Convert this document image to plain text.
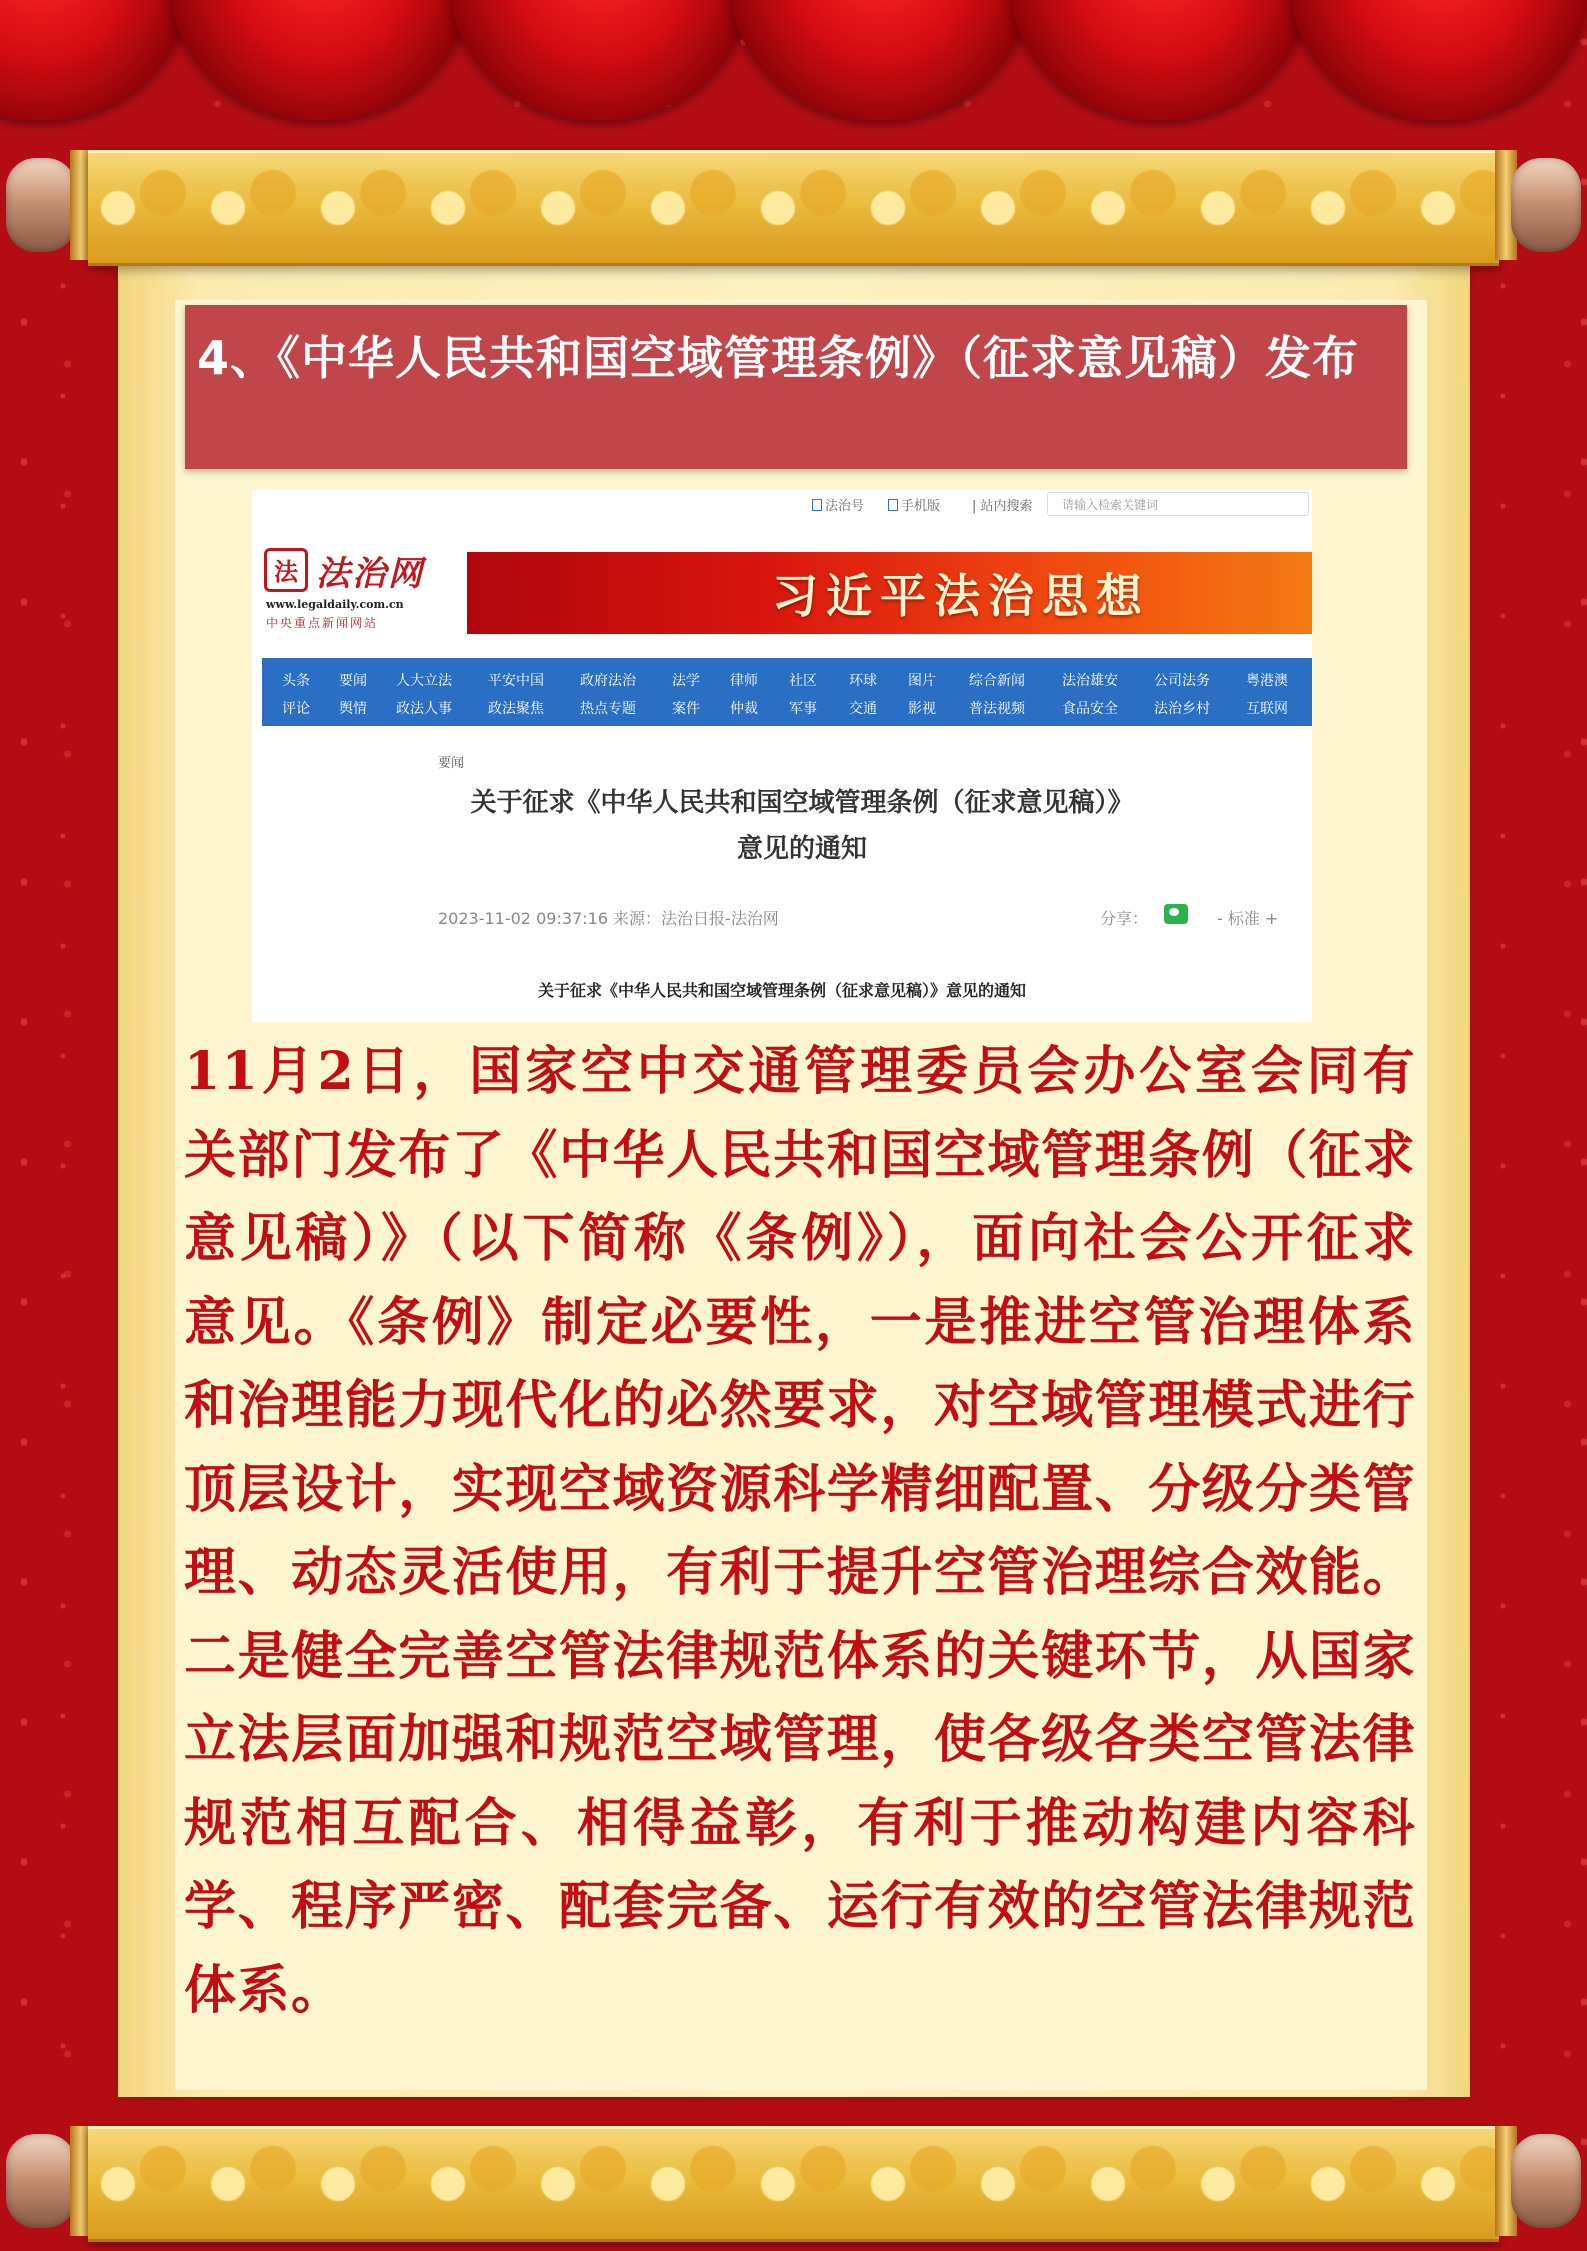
4、《中华人民共和国空域管理条例》（征求意见稿）发布
法治号	手机版 | 站内搜索	请输入检索关键词
法 法治网
www.legaldaily.com.cn
中央重点新闻网站	习近平法治思想
头条 要闻 人大立法	平安中国	政府法治	法学 律师 社区 环球 图片 综合新闻	法治雄安	公司法务	粤港澳
评论 舆情 政法人事	政法聚焦	热点专题	案件 仲裁 军事 交通 影视 普法视频	食品安全	法治乡村	互联网
要闻
关于征求《中华人民共和国空域管理条例（征求意见稿）》
意见的通知
2023-11-02 09:37:16 来源：法治日报-法治网	分享：	- 标准 +
关于征求《中华人民共和国空域管理条例（征求意见稿）》意见的通知
11月2日，国家空中交通管理委员会办公室会同有关部门发布了《中华人民共和国空域管理条例（征求意见稿）》（以下简称《条例》），面向社会公开征求意见。《条例》制定必要性，一是推进空管治理体系和治理能力现代化的必然要求，对空域管理模式进行顶层设计，实现空域资源科学精细配置、分级分类管理、动态灵活使用，有利于提升空管治理综合效能。二是健全完善空管法律规范体系的关键环节，从国家立法层面加强和规范空域管理，使各级各类空管法律规范相互配合、相得益彰，有利于推动构建内容科学、程序严密、配套完备、运行有效的空管法律规范体系。
